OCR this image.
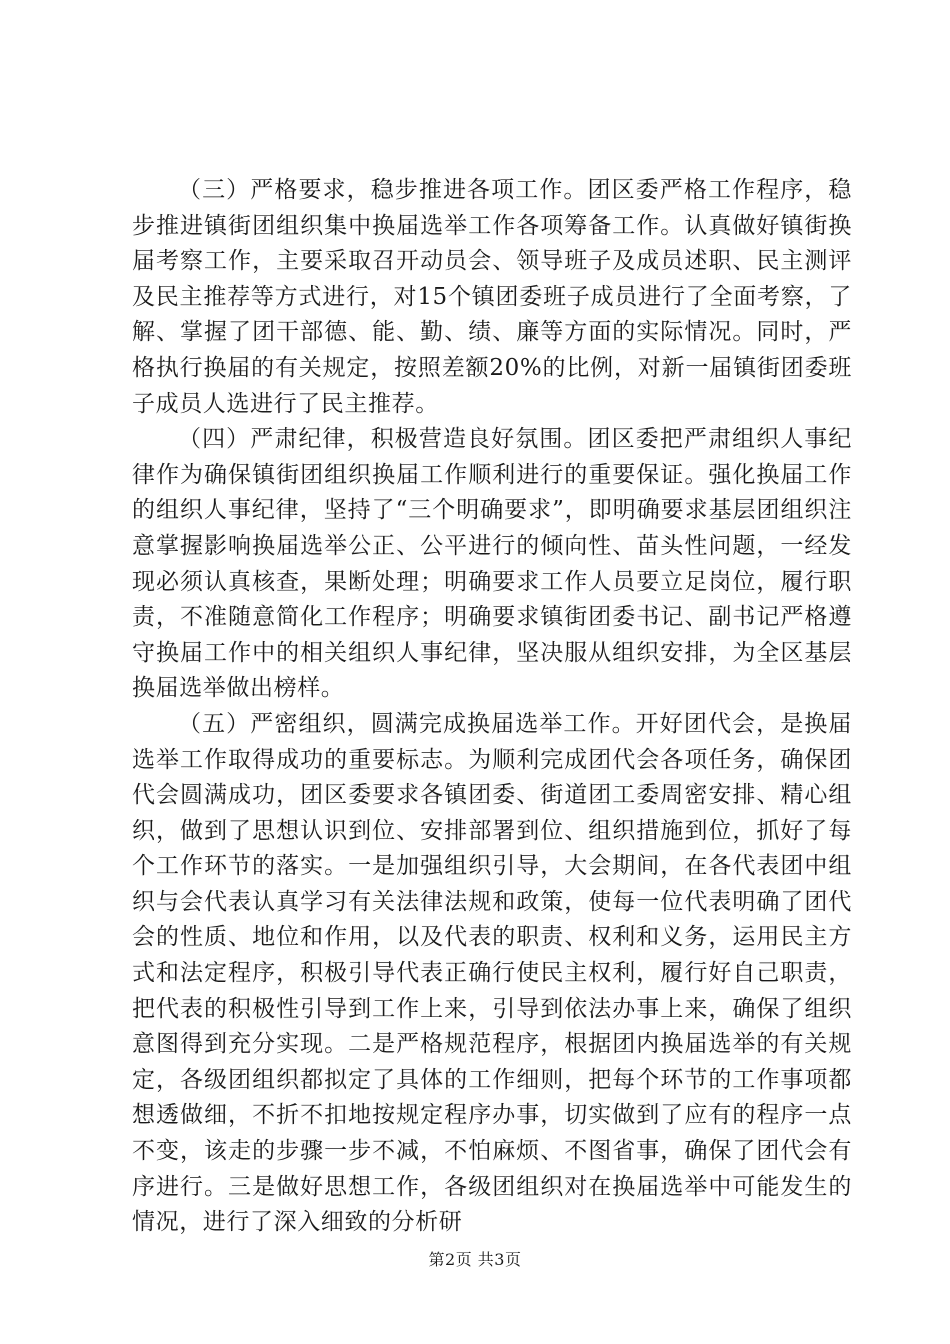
（三）严格要求，稳步推进各项工作。团区委严格工作程序，稳步推进镇街团组织集中换届选举工作各项筹备工作。认真做好镇街换届考察工作，主要采取召开动员会、领导班子及成员述职、民主测评及民主推荐等方式进行，对15个镇团委班子成员进行了全面考察，了解、掌握了团干部德、能、勤、绩、廉等方面的实际情况。同时，严格执行换届的有关规定，按照差额20%的比例，对新一届镇街团委班子成员人选进行了民主推荐。

（四）严肃纪律，积极营造良好氛围。团区委把严肃组织人事纪律作为确保镇街团组织换届工作顺利进行的重要保证。强化换届工作的组织人事纪律，坚持了“三个明确要求”，即明确要求基层团组织注意掌握影响换届选举公正、公平进行的倾向性、苗头性问题，一经发现必须认真核查，果断处理；明确要求工作人员要立足岗位，履行职责，不准随意简化工作程序；明确要求镇街团委书记、副书记严格遵守换届工作中的相关组织人事纪律，坚决服从组织安排，为全区基层换届选举做出榜样。

（五）严密组织，圆满完成换届选举工作。开好团代会，是换届选举工作取得成功的重要标志。为顺利完成团代会各项任务，确保团代会圆满成功，团区委要求各镇团委、街道团工委周密安排、精心组织，做到了思想认识到位、安排部署到位、组织措施到位，抓好了每个工作环节的落实。一是加强组织引导，大会期间，在各代表团中组织与会代表认真学习有关法律法规和政策，使每一位代表明确了团代会的性质、地位和作用，以及代表的职责、权利和义务，运用民主方式和法定程序，积极引导代表正确行使民主权利，履行好自己职责，把代表的积极性引导到工作上来，引导到依法办事上来，确保了组织意图得到充分实现。二是严格规范程序，根据团内换届选举的有关规定，各级团组织都拟定了具体的工作细则，把每个环节的工作事项都想透做细，不折不扣地按规定程序办事，切实做到了应有的程序一点不变，该走的步骤一步不减，不怕麻烦、不图省事，确保了团代会有序进行。三是做好思想工作，各级团组织对在换届选举中可能发生的情况，进行了深入细致的分析研

第2页 共3页
